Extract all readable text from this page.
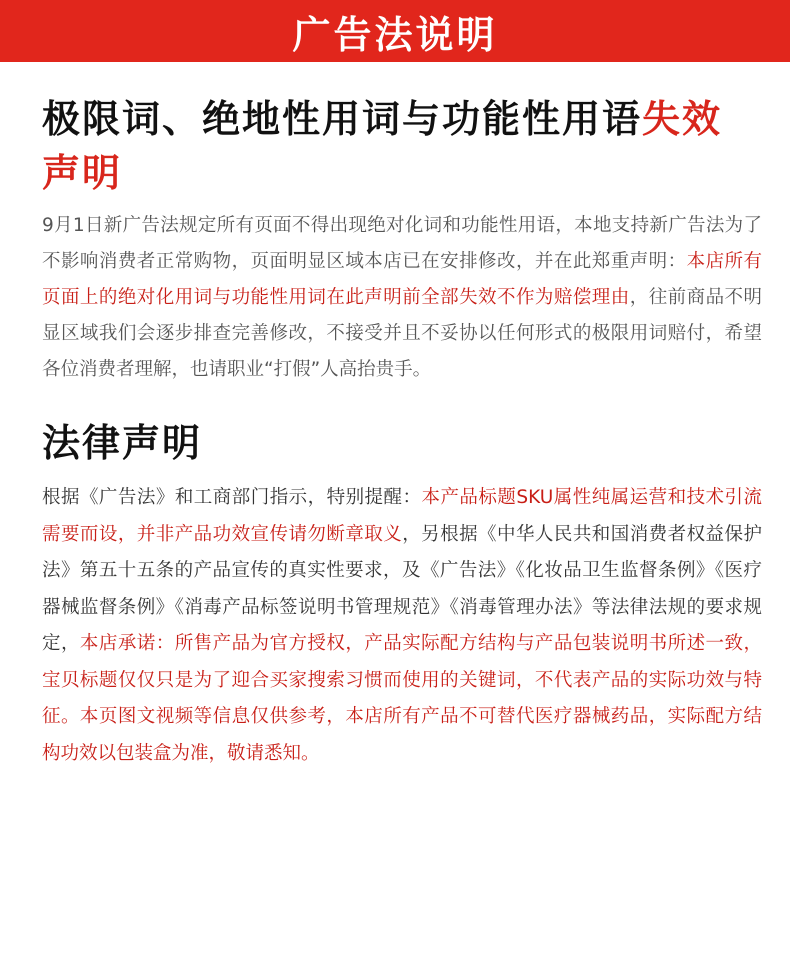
广告法说明
极限词、绝地性用词与功能性用语失效声明

9月1日新广告法规定所有页面不得出现绝对化词和功能性用语，本地支持新广告法为了不影响消费者正常购物，页面明显区域本店已在安排修改，并在此郑重声明：本店所有页面上的绝对化用词与功能性用词在此声明前全部失效不作为赔偿理由，往前商品不明显区域我们会逐步排查完善修改，不接受并且不妥协以任何形式的极限用词赔付，希望各位消费者理解，也请职业“打假”人高抬贵手。

法律声明

根据《广告法》和工商部门指示，特别提醒：本产品标题SKU属性纯属运营和技术引流需要而设，并非产品功效宣传请勿断章取义，另根据《中华人民共和国消费者权益保护法》第五十五条的产品宣传的真实性要求，及《广告法》《化妆品卫生监督条例》《医疗器械监督条例》《消毒产品标签说明书管理规范》《消毒管理办法》等法律法规的要求规定，本店承诺：所售产品为官方授权，产品实际配方结构与产品包装说明书所述一致，宝贝标题仅仅只是为了迎合买家搜索习惯而使用的关键词，不代表产品的实际功效与特征。本页图文视频等信息仅供参考，本店所有产品不可替代医疗器械药品，实际配方结构功效以包装盒为准，敬请悉知。
